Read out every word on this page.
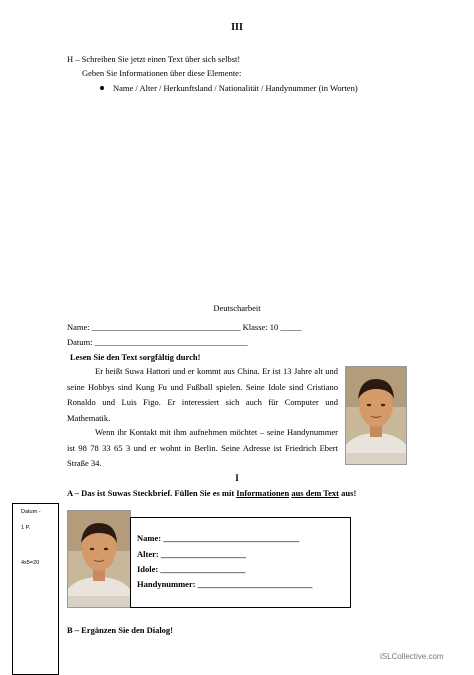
III
H – Schreiben Sie jetzt einen Text über sich selbst!
Geben Sie Informationen über diese Elemente:
Name / Alter / Herkunftsland / Nationalität / Handynummer (in Worten)
Deutscharbeit
Name: ___________________________________ Klasse: 10 _____
Datum: ____________________________________
Lesen Sie den Text sorgfältig durch!

Er heißt Suwa Hattori und er kommt aus China. Er ist 13 Jahre alt und seine Hobbys sind Kung Fu und Fußball spielen. Seine Idole sind Cristiano Ronaldo und Luis Figo. Er interessiert sich auch für Computer und Mathematik.

Wenn ihr Kontakt mit ihm aufnehmen möchtet – seine Handynummer ist 98 78 33 65 3 und er wohnt in Berlin. Seine Adresse ist Friedrich Ebert Straße 34.

I
A – Das ist Suwas Steckbrief. Füllen Sie es mit Informationen aus dem Text aus!
Datum -
1 P.
4x5=20
Name: ________________________________
Alter: ____________________
Idole: ____________________
Handynummer: ___________________________
B – Ergänzen Sie den Dialog!
iSLCollective.com
